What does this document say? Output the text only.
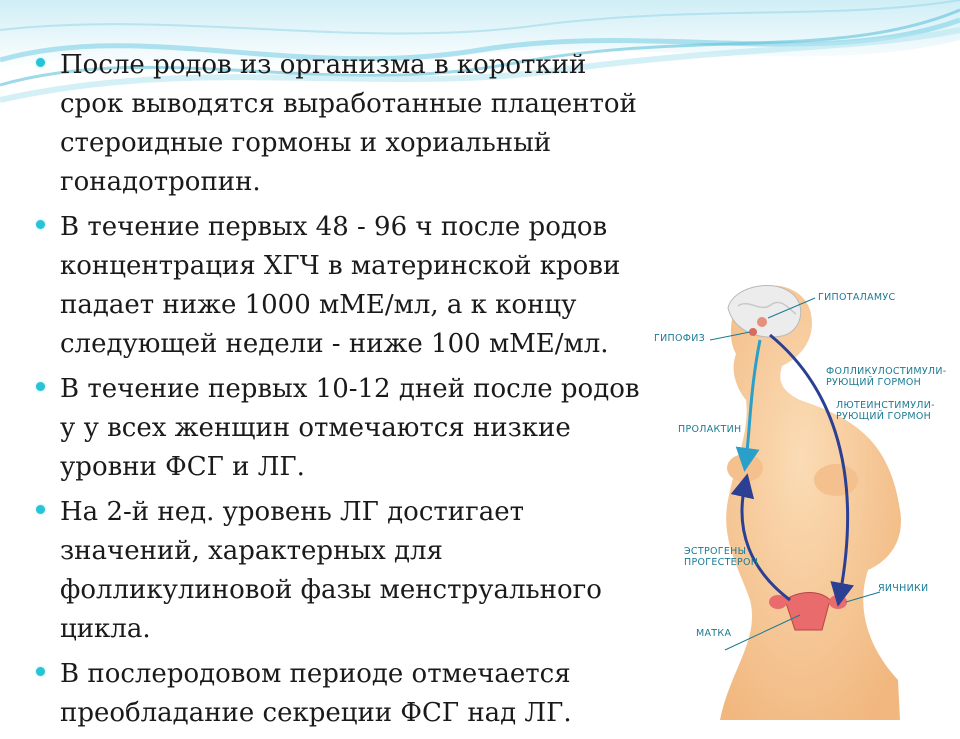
После родов из организма в короткий срок выводятся выработанные плацентой стероидные гормоны и хориальный гонадотропин.
В течение первых 48 - 96 ч после родов концентрация ХГЧ в материнской крови падает ниже 1000 мМЕ/мл, а к концу следующей недели - ниже 100 мМЕ/мл.
В течение первых 10-12 дней после родов у у всех женщин отмечаются низкие уровни ФСГ и ЛГ.
На 2-й нед. уровень ЛГ достигает значений, характерных для фолликулиновой фазы менструального цикла.
В послеродовом периоде отмечается преобладание секреции ФСГ над ЛГ.
ГИПОТАЛАМУС
ГИПОФИЗ
ФОЛЛИКУЛОСТИМУЛИ-
РУЮЩИЙ ГОРМОН
ЛЮТЕИНСТИМУЛИ-
РУЮЩИЙ ГОРМОН
ПРОЛАКТИН
ЭСТРОГЕНЫ
ПРОГЕСТЕРОН
ЯИЧНИКИ
МАТКА
